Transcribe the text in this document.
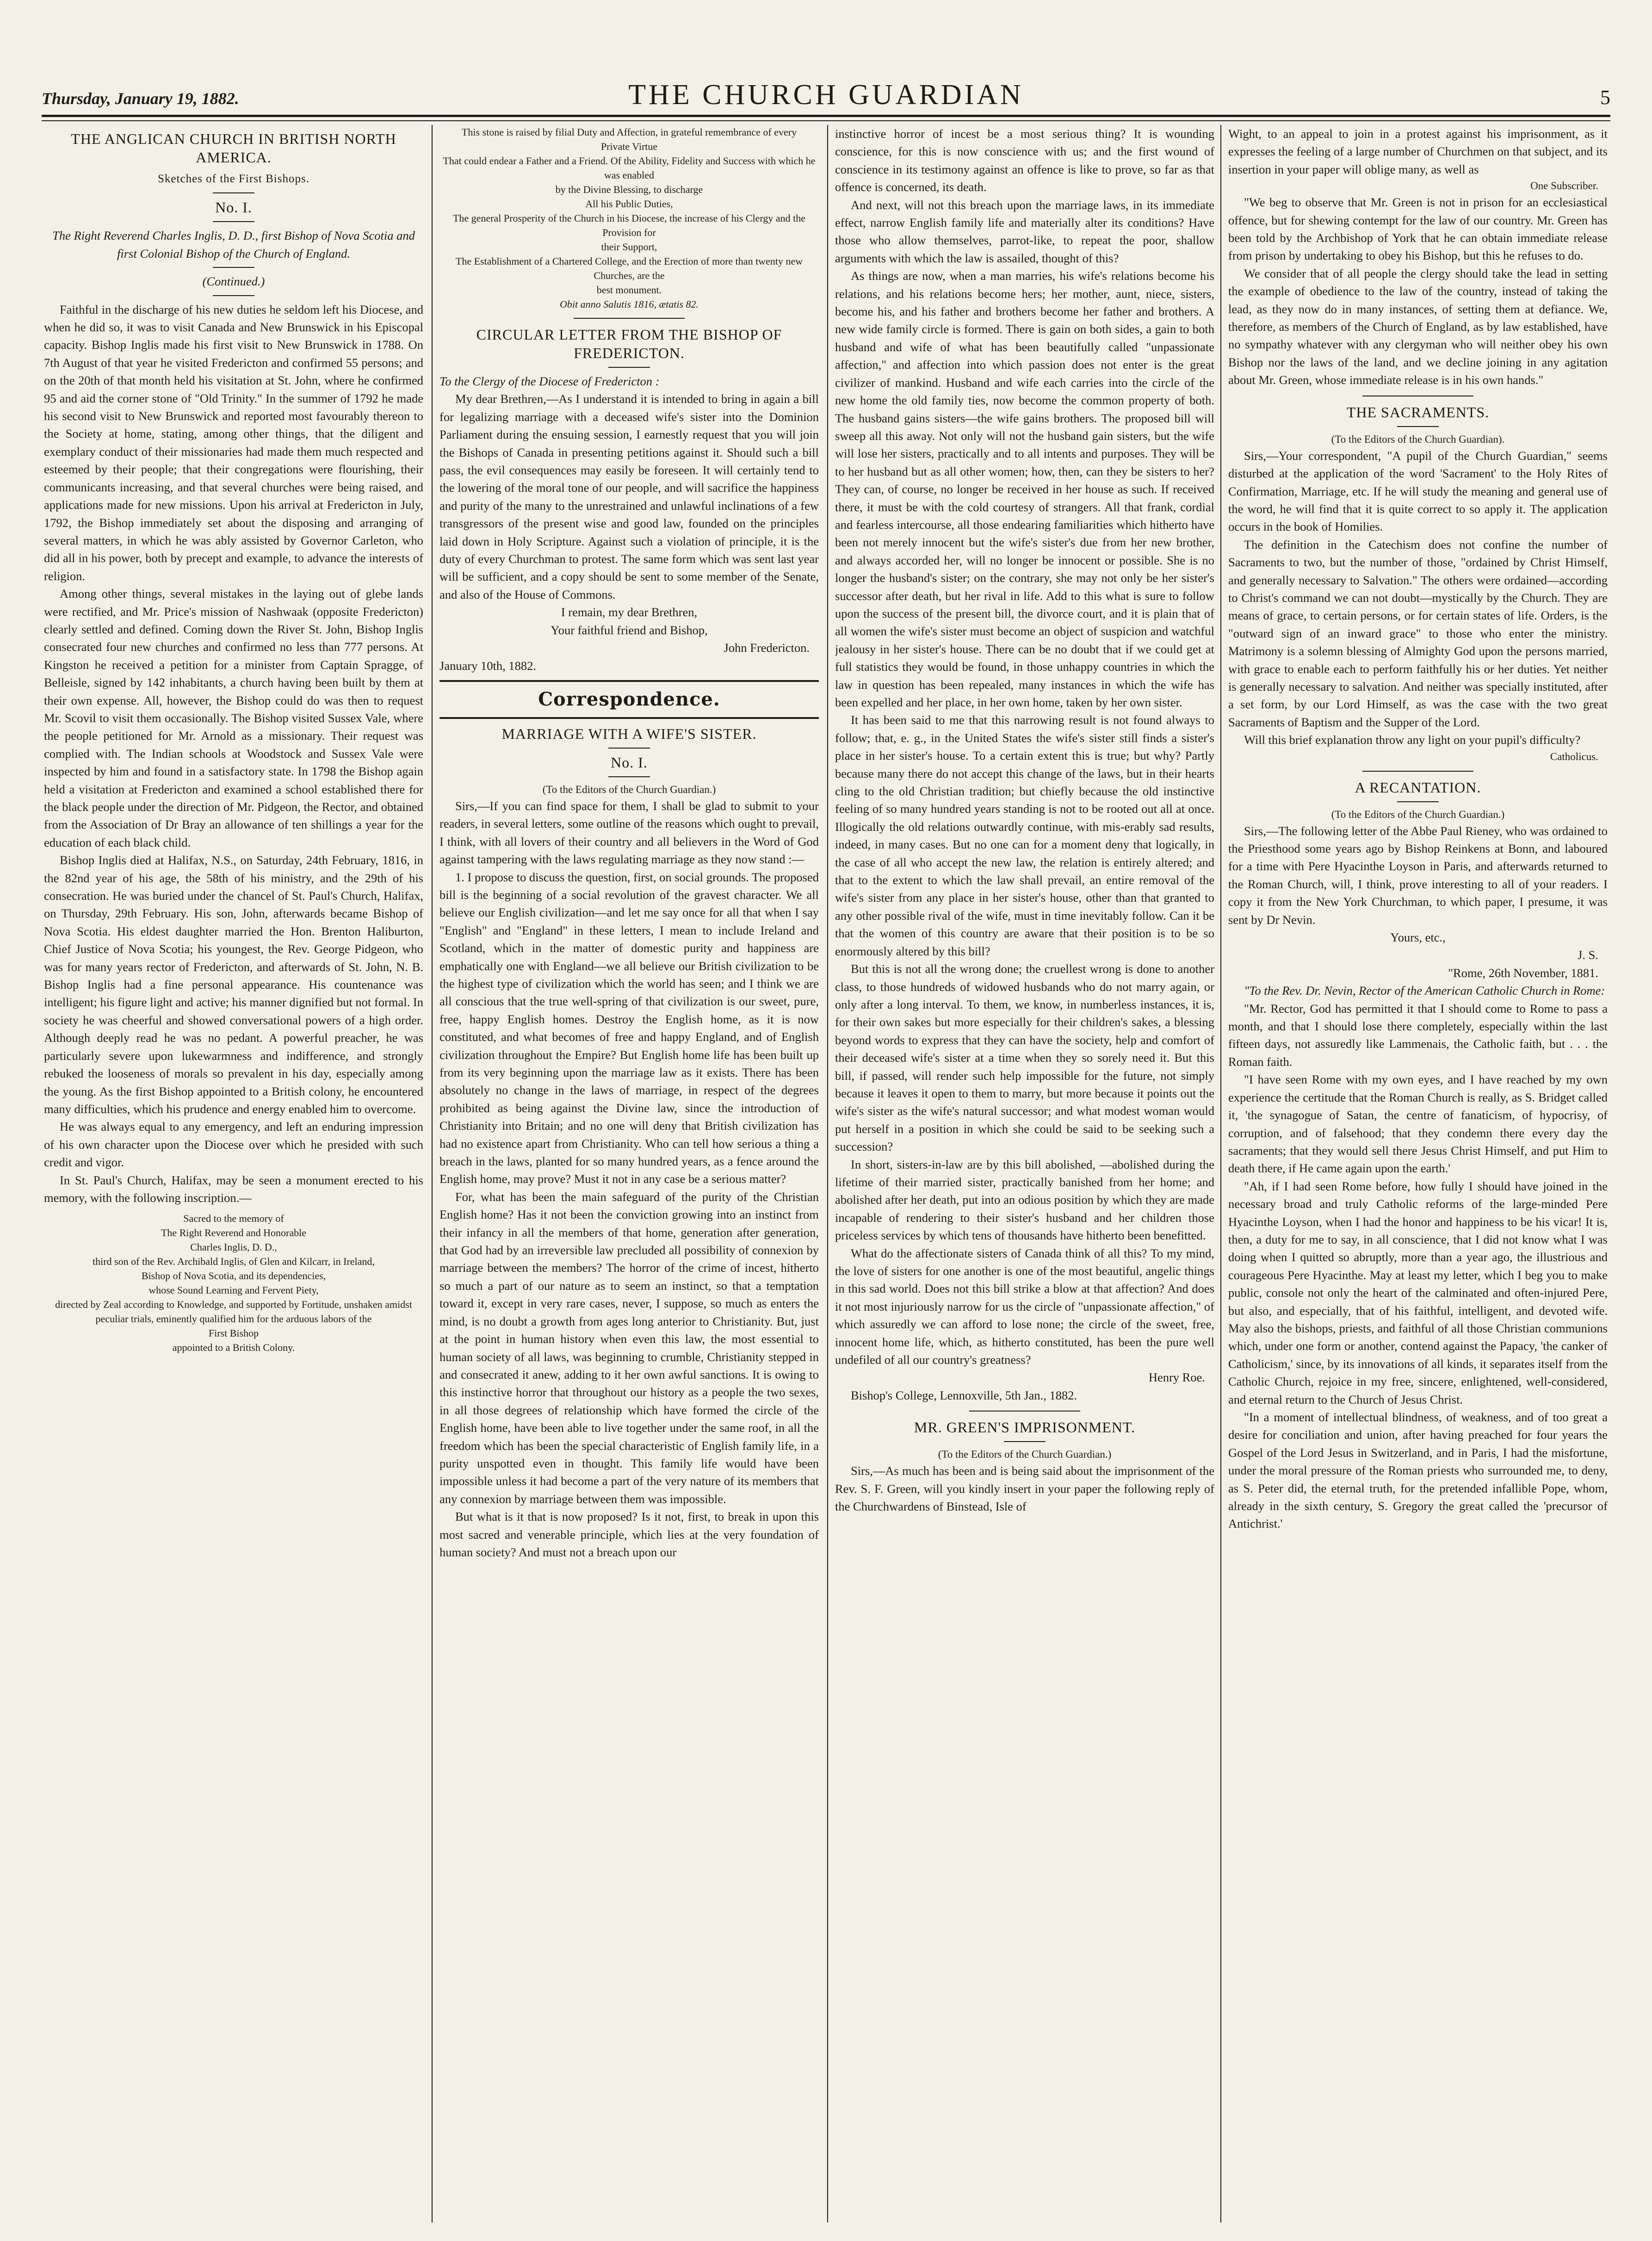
Thursday, January 19, 1882.	THE CHURCH GUARDIAN	5
THE ANGLICAN CHURCH IN BRITISH NORTH AMERICA.
Sketches of the First Bishops.
No. I.

The Right Reverend Charles Inglis, D. D., first Bishop of Nova Scotia and first Colonial Bishop of the Church of England.

(Continued.)

Faithful in the discharge of his new duties he seldom left his Diocese, and when he did so, it was to visit Canada and New Brunswick in his Episcopal capacity. Bishop Inglis made his first visit to New Brunswick in 1788. On 7th August of that year he visited Fredericton and confirmed 55 persons; and on the 20th of that month held his visitation at St. John, where he confirmed 95 and aid the corner stone of "Old Trinity." In the summer of 1792 he made his second visit to New Brunswick and reported most favourably thereon to the Society at home, stating, among other things, that the diligent and exemplary conduct of their missionaries had made them much respected and esteemed by their people; that their congregations were flourishing, their communicants increasing, and that several churches were being raised, and applications made for new missions. Upon his arrival at Fredericton in July, 1792, the Bishop immediately set about the disposing and arranging of several matters, in which he was ably assisted by Governor Carleton, who did all in his power, both by precept and example, to advance the interests of religion.

Among other things, several mistakes in the laying out of glebe lands were rectified, and Mr. Price's mission of Nashwaak (opposite Fredericton) clearly settled and defined. Coming down the River St. John, Bishop Inglis consecrated four new churches and confirmed no less than 777 persons. At Kingston he received a petition for a minister from Captain Spragge, of Belleisle, signed by 142 inhabitants, a church having been built by them at their own expense. All, however, the Bishop could do was then to request Mr. Scovil to visit them occasionally. The Bishop visited Sussex Vale, where the people petitioned for Mr. Arnold as a missionary. Their request was complied with. The Indian schools at Woodstock and Sussex Vale were inspected by him and found in a satisfactory state. In 1798 the Bishop again held a visitation at Fredericton and examined a school established there for the black people under the direction of Mr. Pidgeon, the Rector, and obtained from the Association of Dr Bray an allowance of ten shillings a year for the education of each black child.

Bishop Inglis died at Halifax, N.S., on Saturday, 24th February, 1816, in the 82nd year of his age, the 58th of his ministry, and the 29th of his consecration. He was buried under the chancel of St. Paul's Church, Halifax, on Thursday, 29th February. His son, John, afterwards became Bishop of Nova Scotia. His eldest daughter married the Hon. Brenton Haliburton, Chief Justice of Nova Scotia; his youngest, the Rev. George Pidgeon, who was for many years rector of Fredericton, and afterwards of St. John, N. B. Bishop Inglis had a fine personal appearance. His countenance was intelligent; his figure light and active; his manner dignified but not formal. In society he was cheerful and showed conversational powers of a high order. Although deeply read he was no pedant. A powerful preacher, he was particularly severe upon lukewarmness and indifference, and strongly rebuked the looseness of morals so prevalent in his day, especially among the young. As the first Bishop appointed to a British colony, he encountered many difficulties, which his prudence and energy enabled him to overcome.

He was always equal to any emergency, and left an enduring impression of his own character upon the Diocese over which he presided with such credit and vigor.

In St. Paul's Church, Halifax, may be seen a monument erected to his memory, with the following inscription.—

Sacred to the memory of

The Right Reverend and Honorable

Charles Inglis, D. D.,

third son of the Rev. Archibald Inglis, of Glen and Kilcarr, in Ireland,

Bishop of Nova Scotia, and its dependencies,

whose Sound Learning and Fervent Piety,

directed by Zeal according to Knowledge, and supported by Fortitude, unshaken amidst peculiar trials, eminently qualified him for the arduous labors of the

First Bishop

appointed to a British Colony.

This stone is raised by filial Duty and Affection, in grateful remembrance of every

Private Virtue

That could endear a Father and a Friend. Of the Ability, Fidelity and Success with which he was enabled

by the Divine Blessing, to discharge

All his Public Duties,

The general Prosperity of the Church in his Diocese, the increase of his Clergy and the Provision for

their Support,

The Establishment of a Chartered College, and the Erection of more than twenty new Churches, are the

best monument.

Obit anno Salutis 1816, ætatis 82.

CIRCULAR LETTER FROM THE BISHOP OF FREDERICTON.

To the Clergy of the Diocese of Fredericton :

My dear Brethren,—As I understand it is intended to bring in again a bill for legalizing marriage with a deceased wife's sister into the Dominion Parliament during the ensuing session, I earnestly request that you will join the Bishops of Canada in presenting petitions against it. Should such a bill pass, the evil consequences may easily be foreseen. It will certainly tend to the lowering of the moral tone of our people, and will sacrifice the happiness and purity of the many to the unrestrained and unlawful inclinations of a few transgressors of the present wise and good law, founded on the principles laid down in Holy Scripture. Against such a violation of principle, it is the duty of every Churchman to protest. The same form which was sent last year will be sufficient, and a copy should be sent to some member of the Senate, and also of the House of Commons.

I remain, my dear Brethren,

Your faithful friend and Bishop,

John Fredericton.

January 10th, 1882.

Correspondence.
MARRIAGE WITH A WIFE'S SISTER.
No. I.

(To the Editors of the Church Guardian.)

Sirs,—If you can find space for them, I shall be glad to submit to your readers, in several letters, some outline of the reasons which ought to prevail, I think, with all lovers of their country and all believers in the Word of God against tampering with the laws regulating marriage as they now stand :—

1. I propose to discuss the question, first, on social grounds. The proposed bill is the beginning of a social revolution of the gravest character. We all believe our English civilization—and let me say once for all that when I say "English" and "England" in these letters, I mean to include Ireland and Scotland, which in the matter of domestic purity and happiness are emphatically one with England—we all believe our British civilization to be the highest type of civilization which the world has seen; and I think we are all conscious that the true well-spring of that civilization is our sweet, pure, free, happy English homes. Destroy the English home, as it is now constituted, and what becomes of free and happy England, and of English civilization throughout the Empire? But English home life has been built up from its very beginning upon the marriage law as it exists. There has been absolutely no change in the laws of marriage, in respect of the degrees prohibited as being against the Divine law, since the introduction of Christianity into Britain; and no one will deny that British civilization has had no existence apart from Christianity. Who can tell how serious a thing a breach in the laws, planted for so many hundred years, as a fence around the English home, may prove? Must it not in any case be a serious matter?

For, what has been the main safeguard of the purity of the Christian English home? Has it not been the conviction growing into an instinct from their infancy in all the members of that home, generation after generation, that God had by an irreversible law precluded all possibility of connexion by marriage between the members? The horror of the crime of incest, hitherto so much a part of our nature as to seem an instinct, so that a temptation toward it, except in very rare cases, never, I suppose, so much as enters the mind, is no doubt a growth from ages long anterior to Christianity. But, just at the point in human history when even this law, the most essential to human society of all laws, was beginning to crumble, Christianity stepped in and consecrated it anew, adding to it her own awful sanctions. It is owing to this instinctive horror that throughout our history as a people the two sexes, in all those degrees of relationship which have formed the circle of the English home, have been able to live together under the same roof, in all the freedom which has been the special characteristic of English family life, in a purity unspotted even in thought. This family life would have been impossible unless it had become a part of the very nature of its members that any connexion by marriage between them was impossible.

But what is it that is now proposed? Is it not, first, to break in upon this most sacred and venerable principle, which lies at the very foundation of human society? And must not a breach upon our

instinctive horror of incest be a most serious thing? It is wounding conscience, for this is now conscience with us; and the first wound of conscience in its testimony against an offence is like to prove, so far as that offence is concerned, its death.

And next, will not this breach upon the marriage laws, in its immediate effect, narrow English family life and materially alter its conditions? Have those who allow themselves, parrot-like, to repeat the poor, shallow arguments with which the law is assailed, thought of this?

As things are now, when a man marries, his wife's relations become his relations, and his relations become hers; her mother, aunt, niece, sisters, become his, and his father and brothers become her father and brothers. A new wide family circle is formed. There is gain on both sides, a gain to both husband and wife of what has been beautifully called "unpassionate affection," and affection into which passion does not enter is the great civilizer of mankind. Husband and wife each carries into the circle of the new home the old family ties, now become the common property of both. The husband gains sisters—the wife gains brothers. The proposed bill will sweep all this away. Not only will not the husband gain sisters, but the wife will lose her sisters, practically and to all intents and purposes. They will be to her husband but as all other women; how, then, can they be sisters to her? They can, of course, no longer be received in her house as such. If received there, it must be with the cold courtesy of strangers. All that frank, cordial and fearless intercourse, all those endearing familiarities which hitherto have been not merely innocent but the wife's sister's due from her new brother, and always accorded her, will no longer be innocent or possible. She is no longer the husband's sister; on the contrary, she may not only be her sister's successor after death, but her rival in life. Add to this what is sure to follow upon the success of the present bill, the divorce court, and it is plain that of all women the wife's sister must become an object of suspicion and watchful jealousy in her sister's house. There can be no doubt that if we could get at full statistics they would be found, in those unhappy countries in which the law in question has been repealed, many instances in which the wife has been expelled and her place, in her own home, taken by her own sister.

It has been said to me that this narrowing result is not found always to follow; that, e. g., in the United States the wife's sister still finds a sister's place in her sister's house. To a certain extent this is true; but why? Partly because many there do not accept this change of the laws, but in their hearts cling to the old Christian tradition; but chiefly because the old instinctive feeling of so many hundred years standing is not to be rooted out all at once. Illogically the old relations outwardly continue, with mis-erably sad results, indeed, in many cases. But no one can for a moment deny that logically, in the case of all who accept the new law, the relation is entirely altered; and that to the extent to which the law shall prevail, an entire removal of the wife's sister from any place in her sister's house, other than that granted to any other possible rival of the wife, must in time inevitably follow. Can it be that the women of this country are aware that their position is to be so enormously altered by this bill?

But this is not all the wrong done; the cruellest wrong is done to another class, to those hundreds of widowed husbands who do not marry again, or only after a long interval. To them, we know, in numberless instances, it is, for their own sakes but more especially for their children's sakes, a blessing beyond words to express that they can have the society, help and comfort of their deceased wife's sister at a time when they so sorely need it. But this bill, if passed, will render such help impossible for the future, not simply because it leaves it open to them to marry, but more because it points out the wife's sister as the wife's natural successor; and what modest woman would put herself in a position in which she could be said to be seeking such a succession?

In short, sisters-in-law are by this bill abolished, —abolished during the lifetime of their married sister, practically banished from her home; and abolished after her death, put into an odious position by which they are made incapable of rendering to their sister's husband and her children those priceless services by which tens of thousands have hitherto been benefitted.

What do the affectionate sisters of Canada think of all this? To my mind, the love of sisters for one another is one of the most beautiful, angelic things in this sad world. Does not this bill strike a blow at that affection? And does it not most injuriously narrow for us the circle of "unpassionate affection," of which assuredly we can afford to lose none; the circle of the sweet, free, innocent home life, which, as hitherto constituted, has been the pure well undefiled of all our country's greatness?

Henry Roe.

Bishop's College, Lennoxville, 5th Jan., 1882.

MR. GREEN'S IMPRISONMENT.

(To the Editors of the Church Guardian.)

Sirs,—As much has been and is being said about the imprisonment of the Rev. S. F. Green, will you kindly insert in your paper the following reply of the Churchwardens of Binstead, Isle of

Wight, to an appeal to join in a protest against his imprisonment, as it expresses the feeling of a large number of Churchmen on that subject, and its insertion in your paper will oblige many, as well as

One Subscriber.

"We beg to observe that Mr. Green is not in prison for an ecclesiastical offence, but for shewing contempt for the law of our country. Mr. Green has been told by the Archbishop of York that he can obtain immediate release from prison by undertaking to obey his Bishop, but this he refuses to do.

We consider that of all people the clergy should take the lead in setting the example of obedience to the law of the country, instead of taking the lead, as they now do in many instances, of setting them at defiance. We, therefore, as members of the Church of England, as by law established, have no sympathy whatever with any clergyman who will neither obey his own Bishop nor the laws of the land, and we decline joining in any agitation about Mr. Green, whose immediate release is in his own hands."

THE SACRAMENTS.

(To the Editors of the Church Guardian).

Sirs,—Your correspondent, "A pupil of the Church Guardian," seems disturbed at the application of the word 'Sacrament' to the Holy Rites of Confirmation, Marriage, etc. If he will study the meaning and general use of the word, he will find that it is quite correct to so apply it. The application occurs in the book of Homilies.

The definition in the Catechism does not confine the number of Sacraments to two, but the number of those, "ordained by Christ Himself, and generally necessary to Salvation." The others were ordained—according to Christ's command we can not doubt—mystically by the Church. They are means of grace, to certain persons, or for certain states of life. Orders, is the "outward sign of an inward grace" to those who enter the ministry. Matrimony is a solemn blessing of Almighty God upon the persons married, with grace to enable each to perform faithfully his or her duties. Yet neither is generally necessary to salvation. And neither was specially instituted, after a set form, by our Lord Himself, as was the case with the two great Sacraments of Baptism and the Supper of the Lord.

Will this brief explanation throw any light on your pupil's difficulty?

Catholicus.

A RECANTATION.

(To the Editors of the Church Guardian.)

Sirs,—The following letter of the Abbe Paul Rieney, who was ordained to the Priesthood some years ago by Bishop Reinkens at Bonn, and laboured for a time with Pere Hyacinthe Loyson in Paris, and afterwards returned to the Roman Church, will, I think, prove interesting to all of your readers. I copy it from the New York Churchman, to which paper, I presume, it was sent by Dr Nevin.

Yours, etc.,

J. S.

"Rome, 26th November, 1881.

"To the Rev. Dr. Nevin, Rector of the American Catholic Church in Rome:

"Mr. Rector, God has permitted it that I should come to Rome to pass a month, and that I should lose there completely, especially within the last fifteen days, not assuredly like Lammenais, the Catholic faith, but . . . the Roman faith.

"I have seen Rome with my own eyes, and I have reached by my own experience the certitude that the Roman Church is really, as S. Bridget called it, 'the synagogue of Satan, the centre of fanaticism, of hypocrisy, of corruption, and of falsehood; that they condemn there every day the sacraments; that they would sell there Jesus Christ Himself, and put Him to death there, if He came again upon the earth.'

"Ah, if I had seen Rome before, how fully I should have joined in the necessary broad and truly Catholic reforms of the large-minded Pere Hyacinthe Loyson, when I had the honor and happiness to be his vicar! It is, then, a duty for me to say, in all conscience, that I did not know what I was doing when I quitted so abruptly, more than a year ago, the illustrious and courageous Pere Hyacinthe. May at least my letter, which I beg you to make public, console not only the heart of the calminated and often-injured Pere, but also, and especially, that of his faithful, intelligent, and devoted wife. May also the bishops, priests, and faithful of all those Christian communions which, under one form or another, contend against the Papacy, 'the canker of Catholicism,' since, by its innovations of all kinds, it separates itself from the Catholic Church, rejoice in my free, sincere, enlightened, well-considered, and eternal return to the Church of Jesus Christ.

"In a moment of intellectual blindness, of weakness, and of too great a desire for conciliation and union, after having preached for four years the Gospel of the Lord Jesus in Switzerland, and in Paris, I had the misfortune, under the moral pressure of the Roman priests who surrounded me, to deny, as S. Peter did, the eternal truth, for the pretended infallible Pope, whom, already in the sixth century, S. Gregory the great called the 'precursor of Antichrist.'
